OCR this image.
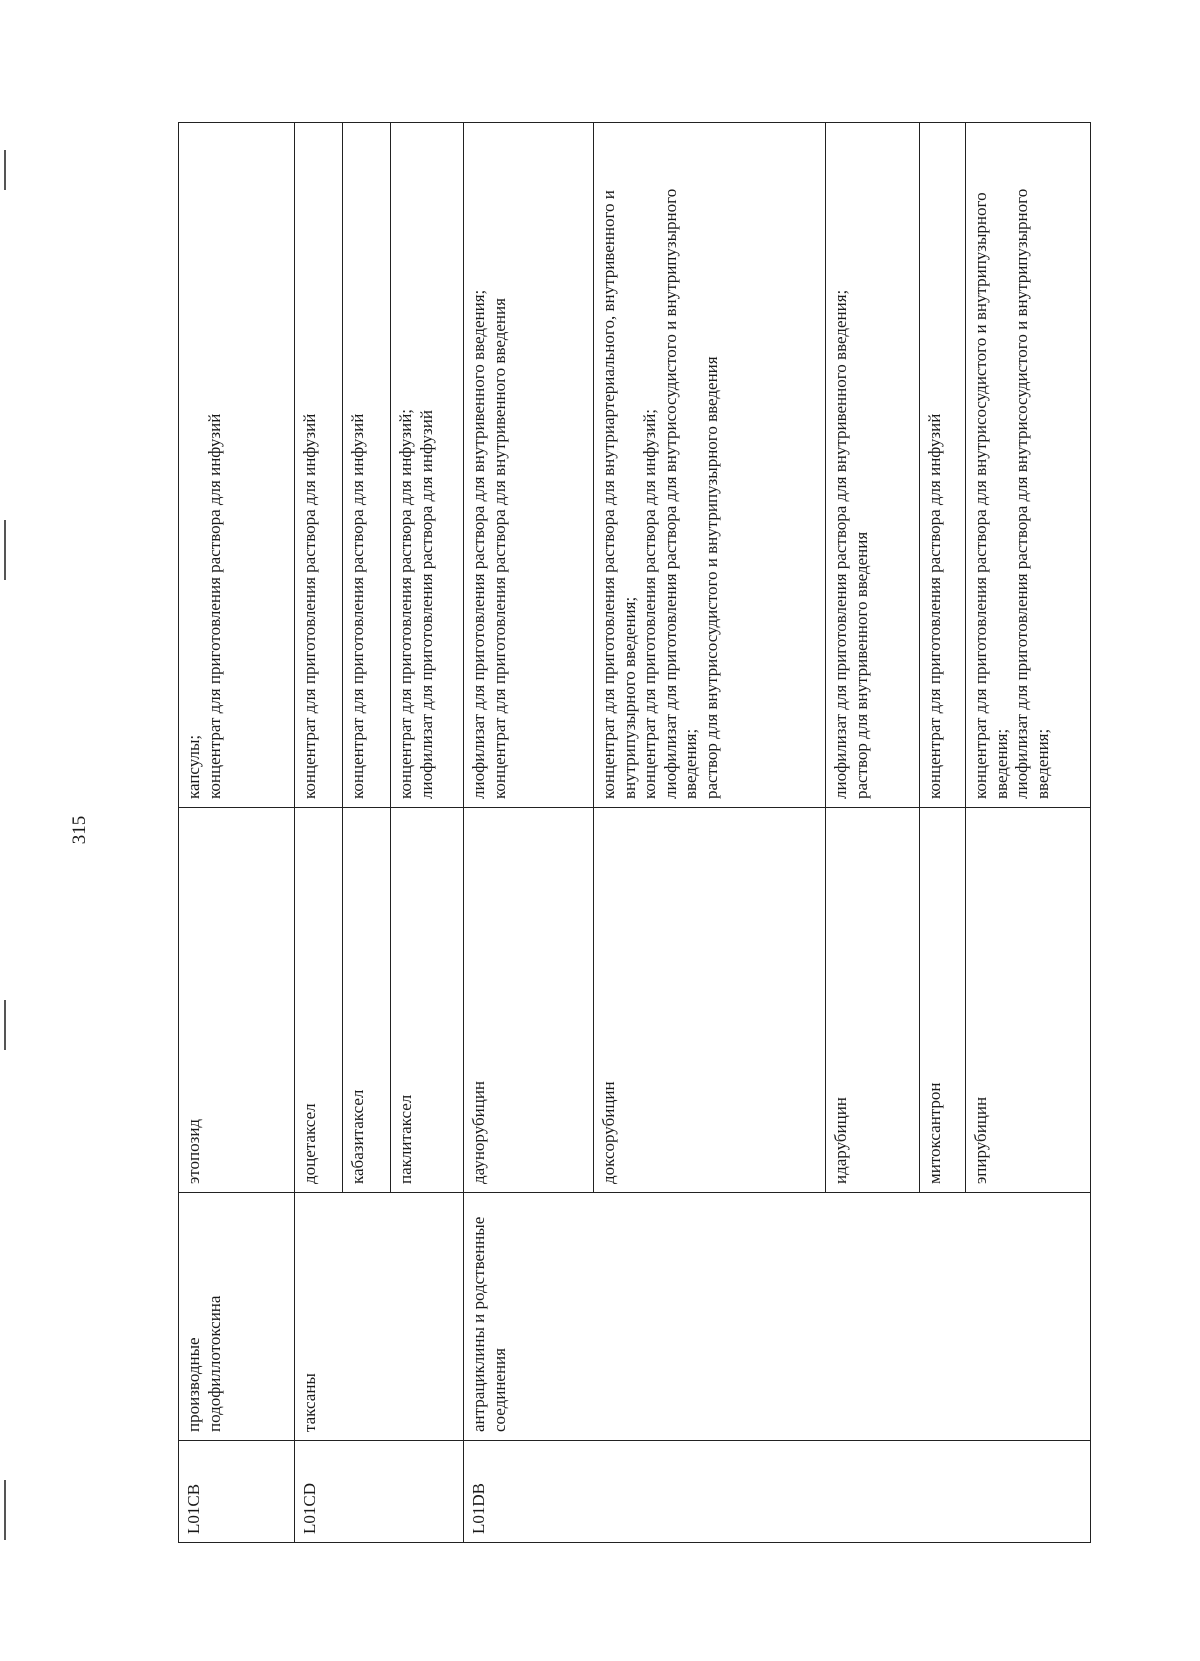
315
L01CB	производные подофиллотоксина	этопозид	капсулы;
концентрат для приготовления раствора для инфузий
L01CD	таксаны	доцетаксел	концентрат для приготовления раствора для инфузий
		кабазитаксел	концентрат для приготовления раствора для инфузий
		паклитаксел	концентрат для приготовления раствора для инфузий;
лиофилизат для приготовления раствора для инфузий
L01DB	антрациклины и родственные соединения	даунорубицин	лиофилизат для приготовления раствора для внутривенного введения;
концентрат для приготовления раствора для внутривенного введения
		доксорубицин	концентрат для приготовления раствора для внутриартериального, внутривенного и внутрипузырного введения;
концентрат для приготовления раствора для инфузий;
лиофилизат для приготовления раствора для внутрисосудистого и внутрипузырного введения;
раствор для внутрисосудистого и внутрипузырного введения
		идарубицин	лиофилизат для приготовления раствора для внутривенного введения;
раствор для внутривенного введения
		митоксантрон	концентрат для приготовления раствора для инфузий
		эпирубицин	концентрат для приготовления раствора для внутрисосудистого и внутрипузырного введения;
лиофилизат для приготовления раствора для внутрисосудистого и внутрипузырного введения;
